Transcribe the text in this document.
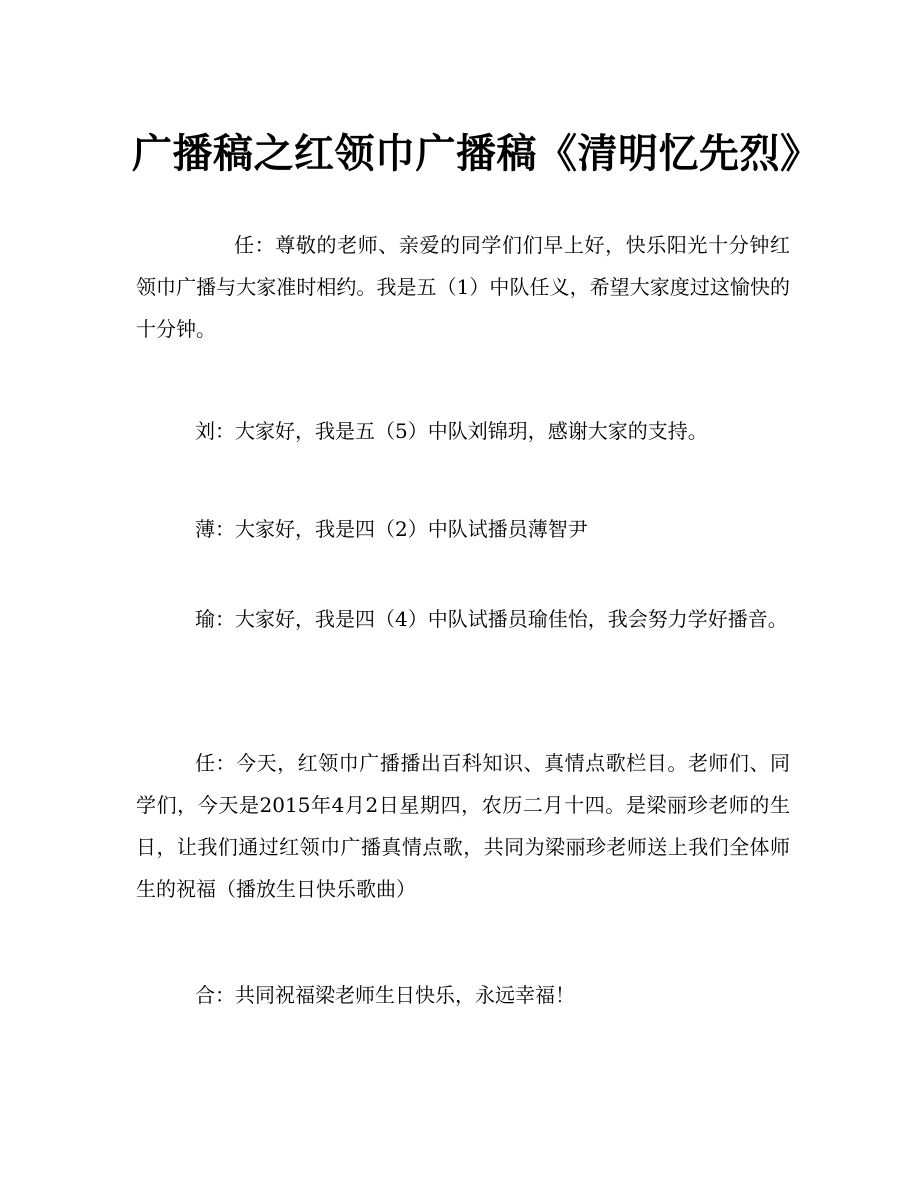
广播稿之红领巾广播稿《清明忆先烈》

任：尊敬的老师、亲爱的同学们们早上好，快乐阳光十分钟红领巾广播与大家准时相约。我是五（1）中队任义，希望大家度过这愉快的十分钟。

刘：大家好，我是五（5）中队刘锦玥，感谢大家的支持。

薄：大家好，我是四（2）中队试播员薄智尹

瑜：大家好，我是四（4）中队试播员瑜佳怡，我会努力学好播音。

任：今天，红领巾广播播出百科知识、真情点歌栏目。老师们、同学们，今天是2015年4月2日星期四，农历二月十四。是梁丽珍老师的生日，让我们通过红领巾广播真情点歌，共同为梁丽珍老师送上我们全体师生的祝福（播放生日快乐歌曲）

合：共同祝福梁老师生日快乐，永远幸福！
